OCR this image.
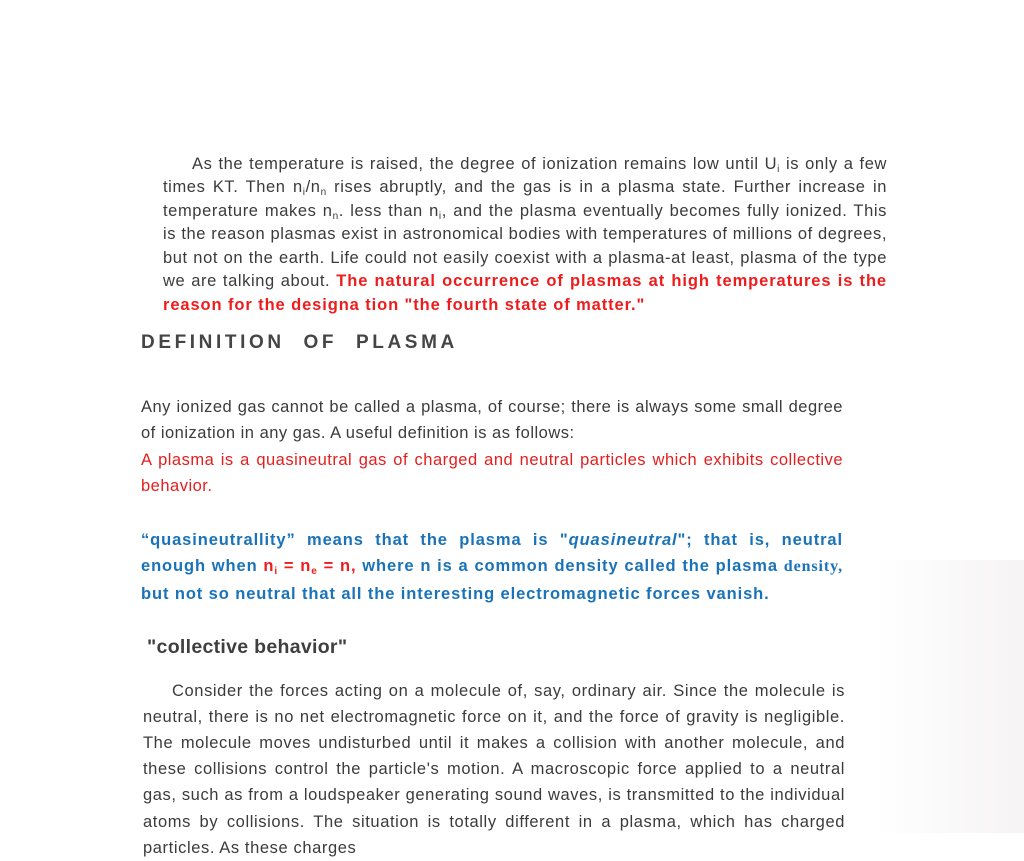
As the temperature is raised, the degree of ionization remains low until $U_i$ is only a few times KT. Then $n_i/n_n$ rises abruptly, and the gas is in a plasma state. Further increase in temperature makes $n_n$. less than $n_i$, and the plasma eventually becomes fully ionized. This is the reason plasmas exist in astronomical bodies with temperatures of millions of degrees, but not on the earth. Life could not easily coexist with a plasma-at least, plasma of the type we are talking about. The natural occurrence of plasmas at high temperatures is the reason for the designa tion "the fourth state of matter."

DEFINITION OF PLASMA

Any ionized gas cannot be called a plasma, of course; there is always some small degree of ionization in any gas. A useful definition is as follows:
A plasma is a quasineutral gas of charged and neutral particles which exhibits collective behavior.

“quasineutrallity” means that the plasma is "quasineutral"; that is, neutral enough when $n_i = n_e = n$, where n is a common density called the plasma density, but not so neutral that all the interesting electromagnetic forces vanish.

"collective behavior"

Consider the forces acting on a molecule of, say, ordinary air. Since the molecule is neutral, there is no net electromagnetic force on it, and the force of gravity is negligible. The molecule moves undisturbed until it makes a collision with another molecule, and these collisions control the particle's motion. A macroscopic force applied to a neutral gas, such as from a loudspeaker generating sound waves, is transmitted to the individual atoms by collisions. The situation is totally different in a plasma, which has charged particles. As these charges
